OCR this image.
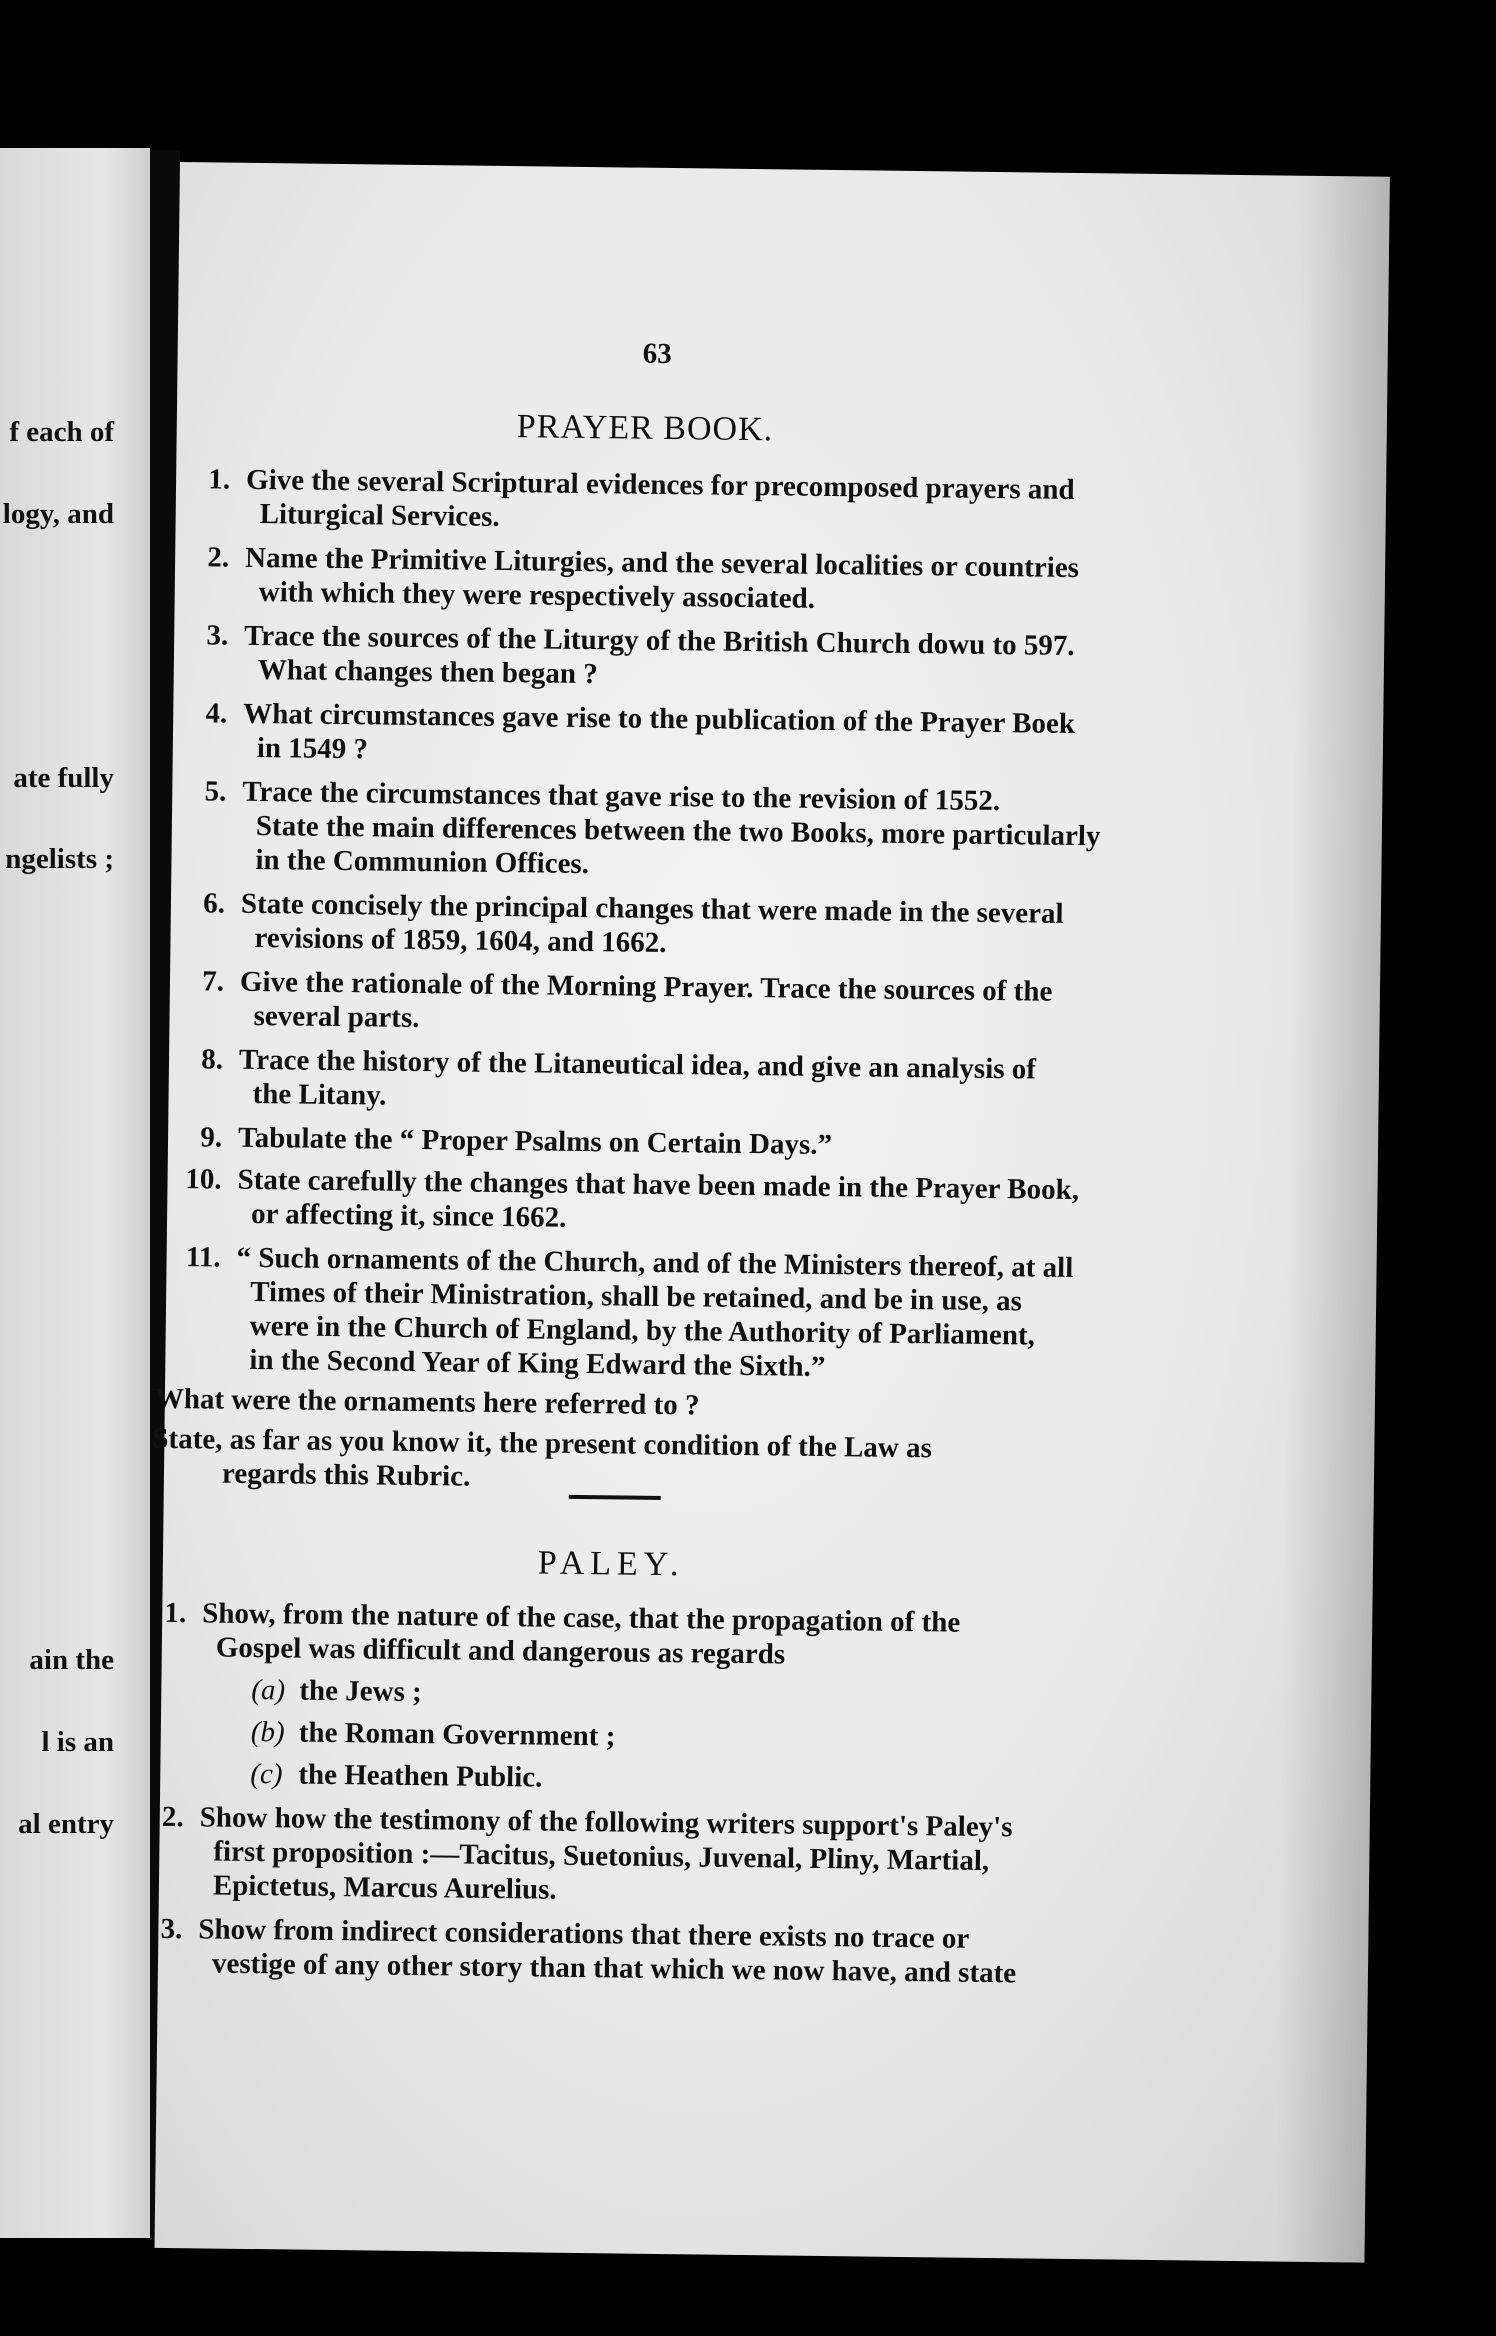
f each of
logy, and
ate fully
ngelists ;
ain the
l is an
al entry
63
PRAYER BOOK.
1. Give the several Scriptural evidences for precomposed prayers and
Liturgical Services.
2. Name the Primitive Liturgies, and the several localities or countries
with which they were respectively associated.
3. Trace the sources of the Liturgy of the British Church dowu to 597.
What changes then began ?
4. What circumstances gave rise to the publication of the Prayer Boek
in 1549 ?
5. Trace the circumstances that gave rise to the revision of 1552.
State the main differences between the two Books, more particularly
in the Communion Offices.
6. State concisely the principal changes that were made in the several
revisions of 1859, 1604, and 1662.
7. Give the rationale of the Morning Prayer. Trace the sources of the
several parts.
8. Trace the history of the Litaneutical idea, and give an analysis of
the Litany.
9. Tabulate the “ Proper Psalms on Certain Days.”
10. State carefully the changes that have been made in the Prayer Book,
or affecting it, since 1662.
11. “ Such ornaments of the Church, and of the Ministers thereof, at all
Times of their Ministration, shall be retained, and be in use, as
were in the Church of England, by the Authority of Parliament,
in the Second Year of King Edward the Sixth.”
What were the ornaments here referred to ?
State, as far as you know it, the present condition of the Law as
regards this Rubric.
PALEY.
1. Show, from the nature of the case, that the propagation of the
Gospel was difficult and dangerous as regards
(a) the Jews ;
(b) the Roman Government ;
(c) the Heathen Public.
2. Show how the testimony of the following writers support's Paley's
first proposition :—Tacitus, Suetonius, Juvenal, Pliny, Martial,
Epictetus, Marcus Aurelius.
3. Show from indirect considerations that there exists no trace or
vestige of any other story than that which we now have, and state
